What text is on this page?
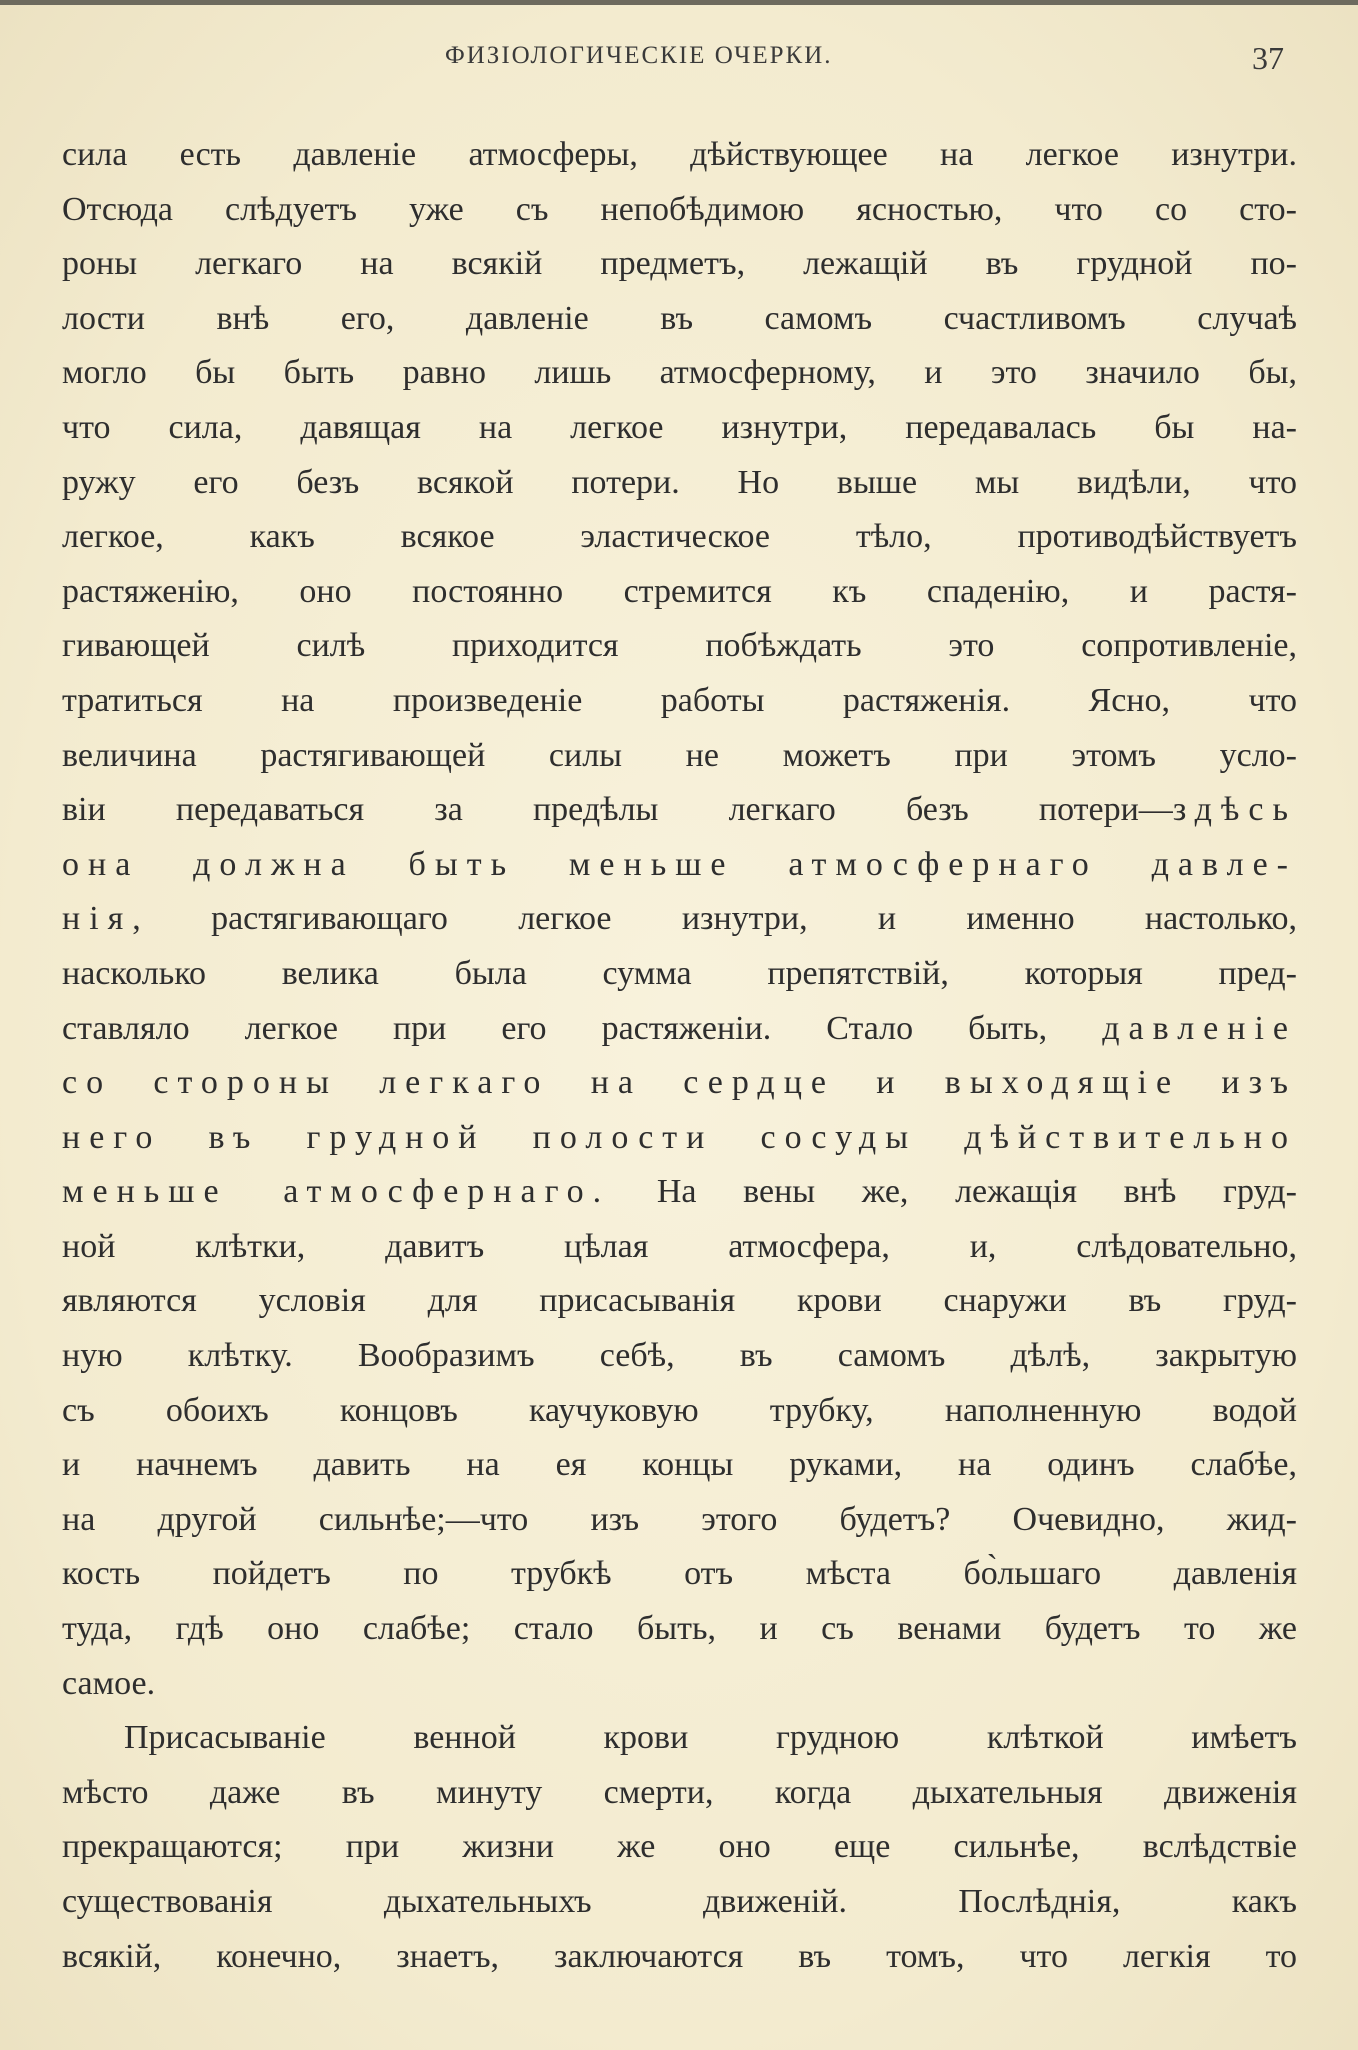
ФИЗІОЛОГИЧЕСКІЕ ОЧЕРКИ.	37
сила есть давленіе атмосферы, дѣйствующее на легкое изнутри.
Отсюда слѣдуетъ уже съ непобѣдимою ясностью, что со сто-
роны легкаго на всякій предметъ, лежащій въ грудной по-
лости внѣ его, давленіе въ самомъ счастливомъ случаѣ
могло бы быть равно лишь атмосферному, и это значило бы,
что сила, давящая на легкое изнутри, передавалась бы на-
ружу его безъ всякой потери. Но выше мы видѣли, что
легкое, какъ всякое эластическое тѣло, противодѣйствуетъ
растяженію, оно постоянно стремится къ спаденію, и растя-
гивающей силѣ приходится побѣждать это сопротивленіе,
тратиться на произведеніе работы растяженія. Ясно, что
величина растягивающей силы не можетъ при этомъ усло-
віи передаваться за предѣлы легкаго безъ потери—здѣсь
она должна быть меньше атмосфернаго давле-
нія, растягивающаго легкое изнутри, и именно настолько,
насколько велика была сумма препятствій, которыя пред-
ставляло легкое при его растяженіи. Стало быть, давленіе
со стороны легкаго на сердце и выходящіе изъ
него въ грудной полости сосуды дѣйствительно
меньше атмосфернаго. На вены же, лежащія внѣ груд-
ной клѣтки, давитъ цѣлая атмосфера, и, слѣдовательно,
являются условія для присасыванія крови снаружи въ груд-
ную клѣтку. Вообразимъ себѣ, въ самомъ дѣлѣ, закрытую
съ обоихъ концовъ каучуковую трубку, наполненную водой
и начнемъ давить на ея концы руками, на одинъ слабѣе,
на другой сильнѣе;—что изъ этого будетъ? Очевидно, жид-
кость пойдетъ по трубкѣ отъ мѣста бо̀льшаго давленія
туда, гдѣ оно слабѣе; стало быть, и съ венами будетъ то же
самое.
Присасываніе венной крови грудною клѣткой имѣетъ
мѣсто даже въ минуту смерти, когда дыхательныя движенія
прекращаются; при жизни же оно еще сильнѣе, вслѣдствіе
существованія дыхательныхъ движеній. Послѣднія, какъ
всякій, конечно, знаетъ, заключаются въ томъ, что легкія то
